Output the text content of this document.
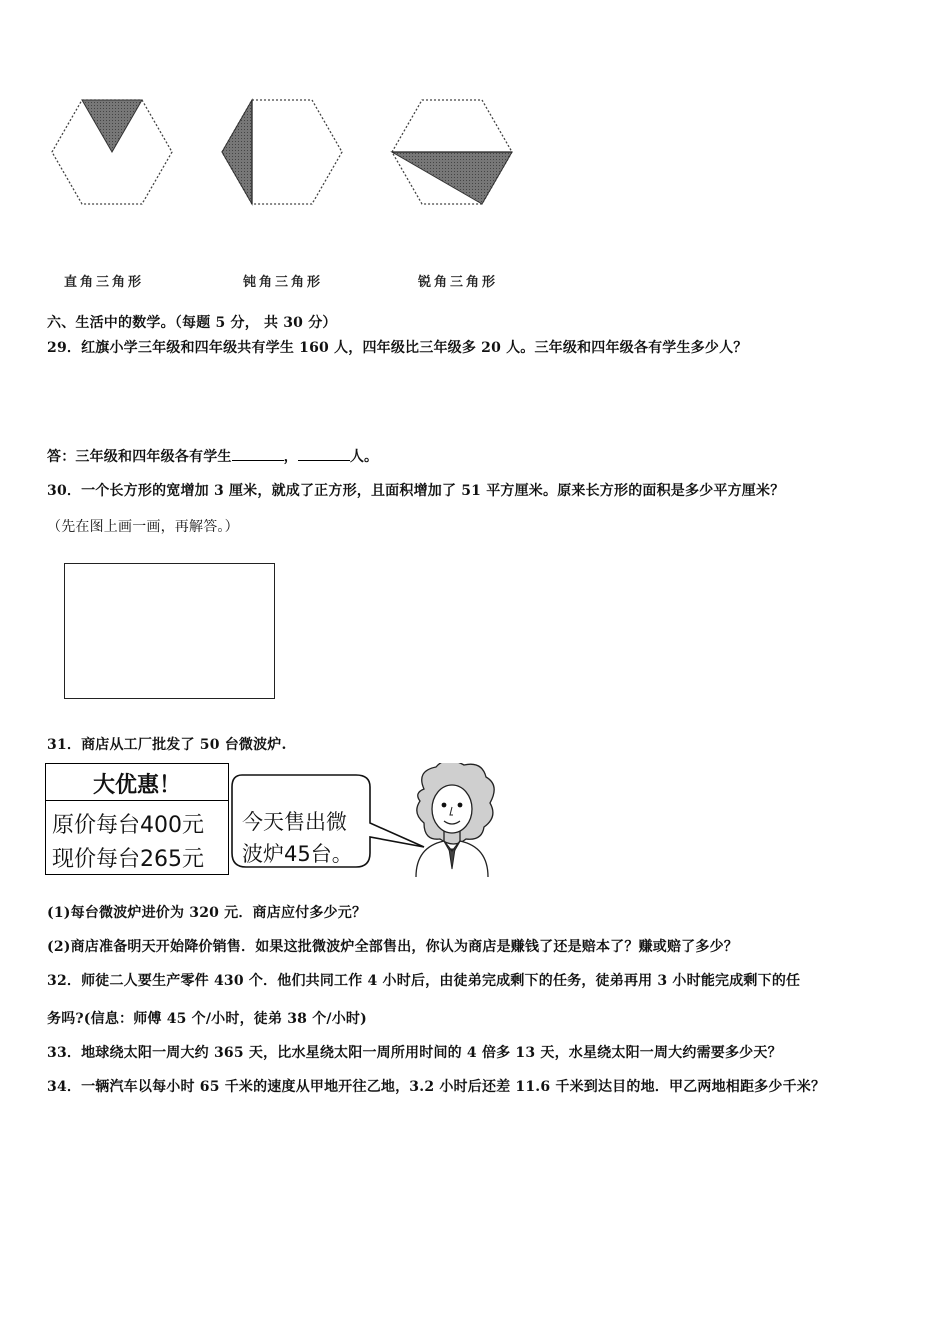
直角三角形	钝角三角形	锐角三角形
六、生活中的数学。（每题 5 分， 共 30 分）
29．红旗小学三年级和四年级共有学生 160 人，四年级比三年级多 20 人。三年级和四年级各有学生多少人？
答：三年级和四年级各有学生	，	人。
30．一个长方形的宽增加 3 厘米，就成了正方形，且面积增加了 51 平方厘米。原来长方形的面积是多少平方厘米？
（先在图上画一画，再解答。）
31．商店从工厂批发了 50 台微波炉.
大优惠！
原价每台400元
现价每台265元
今天售出微
波炉45台。
(1)每台微波炉进价为 320 元．商店应付多少元？
(2)商店准备明天开始降价销售．如果这批微波炉全部售出，你认为商店是赚钱了还是赔本了？赚或赔了多少？
32．师徒二人要生产零件 430 个．他们共同工作 4 小时后，由徒弟完成剩下的任务，徒弟再用 3 小时能完成剩下的任
务吗?(信息：师傅 45 个/小时，徒弟 38 个/小时)
33．地球绕太阳一周大约 365 天，比水星绕太阳一周所用时间的 4 倍多 13 天，水星绕太阳一周大约需要多少天？
34．一辆汽车以每小时 65 千米的速度从甲地开往乙地，3.2 小时后还差 11.6 千米到达目的地．甲乙两地相距多少千米？
